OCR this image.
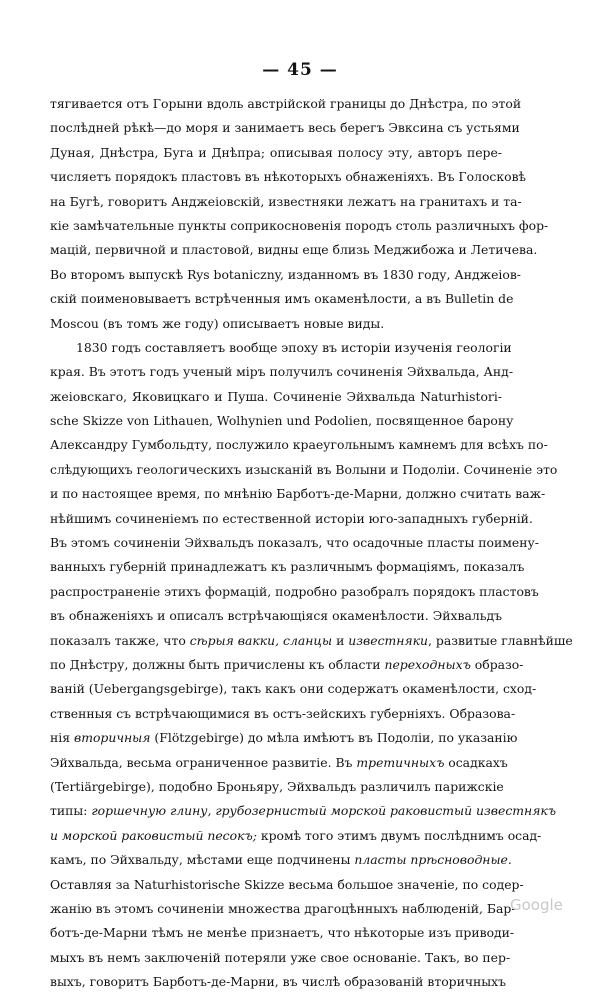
— 45 —
тягивается отъ Горыни вдоль австрійской границы до Днѣстра, по этой
послѣдней рѣкѣ—до моря и занимаетъ весь берегъ Эвксина съ устьями
Дуная, Днѣстра, Буга и Днѣпра; описывая полосу эту, авторъ пере-
числяетъ порядокъ пластовъ въ нѣкоторыхъ обнаженіяхъ. Въ Голосковѣ
на Бугѣ, говоритъ Анджеіовскій, известняки лежатъ на гранитахъ и та-
кіе замѣчательные пункты соприкосновенія породъ столь различныхъ фор-
мацій, первичной и пластовой, видны еще близь Меджибожа и Летичева.
Во второмъ выпускѣ Rys botaniczny, изданномъ въ 1830 году, Анджеіов-
скій поименовываетъ встрѣченныя имъ окаменѣлости, а въ Bulletin de
Moscou (въ томъ же году) описываетъ новые виды.
1830 годъ составляетъ вообще эпоху въ исторіи изученія геологіи
края. Въ этотъ годъ ученый міръ получилъ сочиненія Эйхвальда, Анд-
жеіовскаго, Яковицкаго и Пуша. Сочиненіе Эйхвальда Naturhistori-
sche Skizze von Lithauen, Wolhynien und Podolien, посвященное барону
Александру Гумбольдту, послужило краеугольнымъ камнемъ для всѣхъ по-
слѣдующихъ геологическихъ изысканій въ Волыни и Подоліи. Сочиненіе это
и по настоящее время, по мнѣнію Барботъ-де-Марни, должно считать важ-
нѣйшимъ сочиненіемъ по естественной исторіи юго-западныхъ губерній.
Въ этомъ сочиненіи Эйхвальдъ показалъ, что осадочные пласты поимену-
ванныхъ губерній принадлежатъ къ различнымъ формаціямъ, показалъ
распространеніе этихъ формацій, подробно разобралъ порядокъ пластовъ
въ обнаженіяхъ и описалъ встрѣчающіяся окаменѣлости. Эйхвальдъ
показалъ также, что сѣрыя вакки, сланцы и известняки, развитые главнѣйше
по Днѣстру, должны быть причислены къ области переходныхъ образо-
ваній (Uebergangsgebirge), такъ какъ они содержатъ окаменѣлости, сход-
ственныя съ встрѣчающимися въ остъ-зейскихъ губерніяхъ. Образова-
нія вторичныя (Flötzgebirge) до мѣла имѣютъ въ Подоліи, по указанію
Эйхвальда, весьма ограниченное развитіе. Въ третичныхъ осадкахъ
(Tertiärgebirge), подобно Броньяру, Эйхвальдъ различилъ парижскіе
типы: горшечную глину, грубозернистый морской раковистый известнякъ
и морской раковистый песокъ; кромѣ того этимъ двумъ послѣднимъ осад-
камъ, по Эйхвальду, мѣстами еще подчинены пласты прѣсноводные.
Оставляя за Naturhistorische Skizze весьма большое значеніе, по содер-
жанію въ этомъ сочиненіи множества драгоцѣнныхъ наблюденій, Бар-
ботъ-де-Марни тѣмъ не менѣе признаетъ, что нѣкоторые изъ приводи-
мыхъ въ немъ заключеній потеряли уже свое основаніе. Такъ, во пер-
выхъ, говоритъ Барботъ-де-Марни, въ числѣ образованій вторичныхъ
Google
